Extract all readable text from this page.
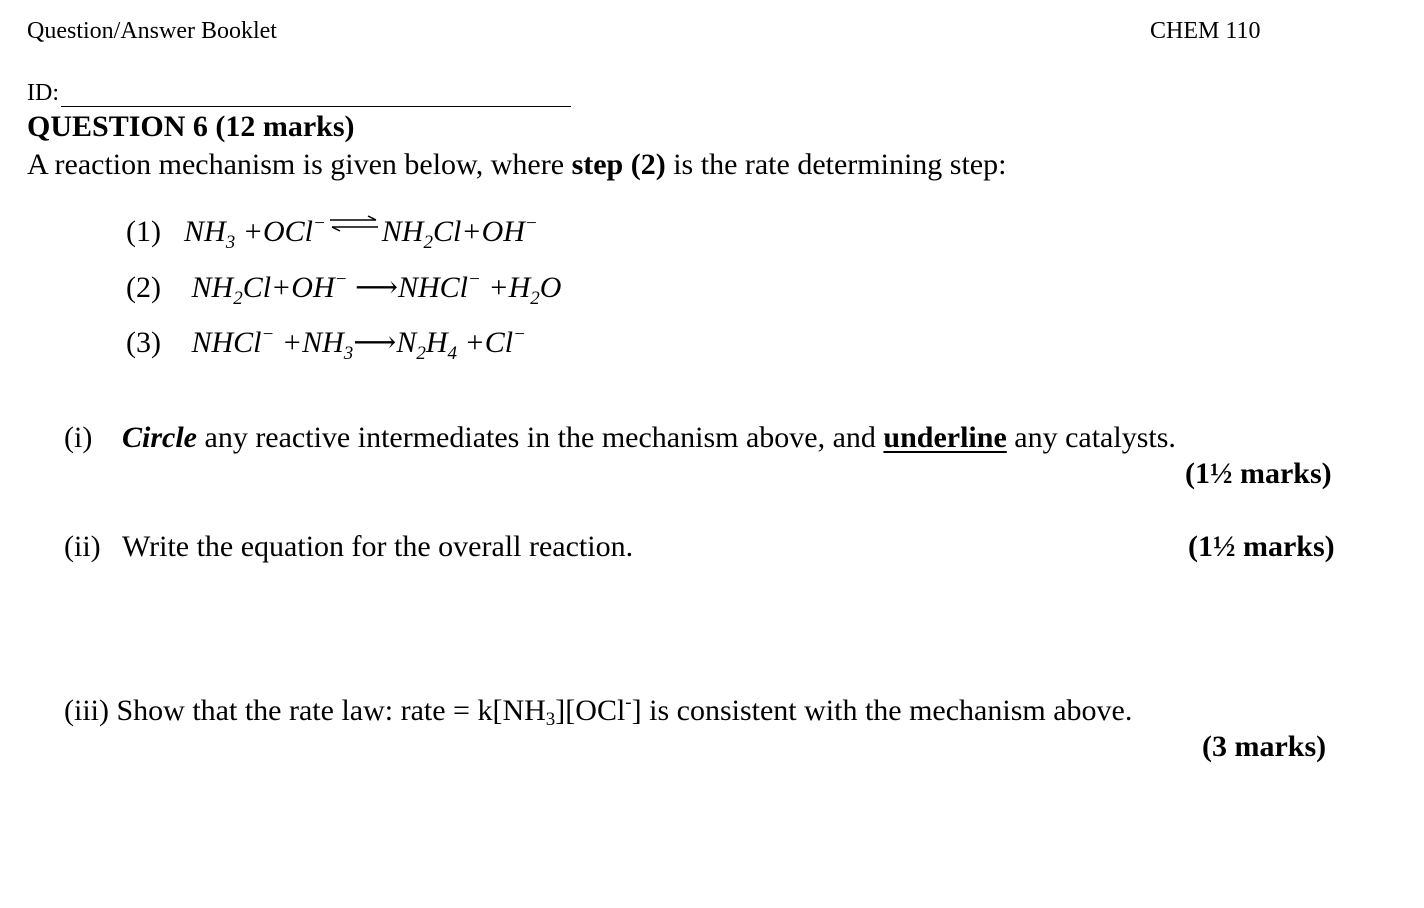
Question/Answer Booklet	CHEM 110
ID:
QUESTION 6 (12 marks)
A reaction mechanism is given below, where step (2) is the rate determining step:
(1) $NH_3 +OCl^-$ ⇌ $NH_2Cl+OH^-$
(2) $NH_2Cl+OH^-$ ⟶NHCl− $+H_2O$
(3) NHCl− $+NH_3⟶N_2H_4 +Cl^-$
(i) Circle any reactive intermediates in the mechanism above, and underline any catalysts.
(1½ marks)
(ii) Write the equation for the overall reaction.	(1½ marks)
(iii) Show that the rate law: rate = $k[NH_3][OCl^-]$ is consistent with the mechanism above.
(3 marks)
